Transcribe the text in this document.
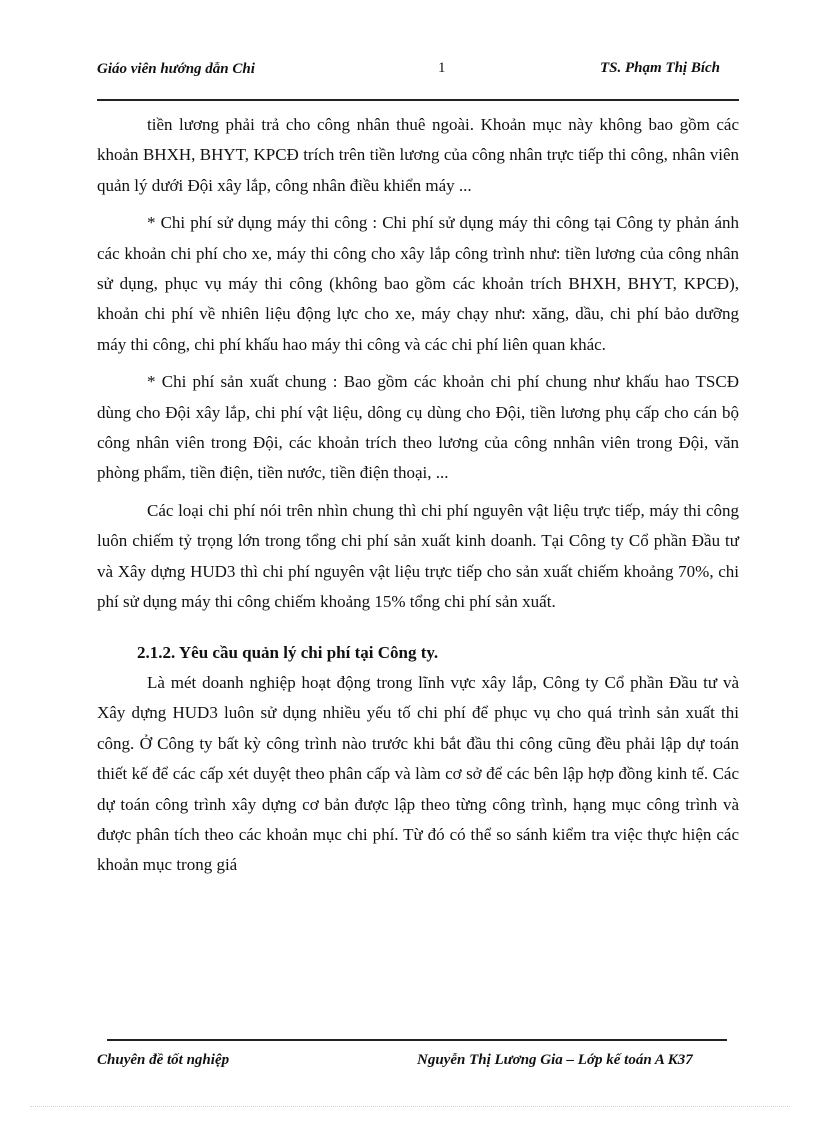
Giáo viên hướng dẫn Chi	1	TS. Phạm Thị Bích

tiền lương phải trả cho công nhân thuê ngoài. Khoản mục này không bao gồm các khoản BHXH, BHYT, KPCĐ trích trên tiền lương của công nhân trực tiếp thi công, nhân viên quản lý dưới Đội xây lắp, công nhân điều khiển máy ...

* Chi phí sử dụng máy thi công : Chi phí sử dụng máy thi công tại Công ty phản ánh các khoản chi phí cho xe, máy thi công cho xây lắp công trình như: tiền lương của công nhân sử dụng, phục vụ máy thi công (không bao gồm các khoản trích BHXH, BHYT, KPCĐ), khoản chi phí về nhiên liệu động lực cho xe, máy chạy như: xăng, dầu, chi phí bảo dưỡng máy thi công, chi phí khấu hao máy thi công và các chi phí liên quan khác.

* Chi phí sản xuất chung : Bao gồm các khoản chi phí chung như khấu hao TSCĐ dùng cho Đội xây lắp, chi phí vật liệu, dông cụ dùng cho Đội, tiền lương phụ cấp cho cán bộ công nhân viên trong Đội, các khoản trích theo lương của công nnhân viên trong Đội, văn phòng phẩm, tiền điện, tiền nước, tiền điện thoại, ...

Các loại chi phí nói trên nhìn chung thì chi phí nguyên vật liệu trực tiếp, máy thi công luôn chiếm tỷ trọng lớn trong tổng chi phí sản xuất kinh doanh. Tại Công ty Cổ phần Đầu tư và Xây dựng HUD3 thì chi phí nguyên vật liệu trực tiếp cho sản xuất chiếm khoảng 70%, chi phí sử dụng máy thi công chiếm khoảng 15% tổng chi phí sản xuất.

2.1.2. Yêu cầu quản lý chi phí tại Công ty.

Là mét doanh nghiệp hoạt động trong lĩnh vực xây lắp, Công ty Cổ phần Đầu tư và Xây dựng HUD3 luôn sử dụng nhiều yếu tố chi phí để phục vụ cho quá trình sản xuất thi công. Ở Công ty bất kỳ công trình nào trước khi bắt đầu thi công cũng đều phải lập dự toán thiết kế để các cấp xét duyệt theo phân cấp và làm cơ sở để các bên lập hợp đồng kinh tế. Các dự toán công trình xây dựng cơ bản được lập theo từng công trình, hạng mục công trình và được phân tích theo các khoản mục chi phí. Từ đó có thể so sánh kiểm tra việc thực hiện các khoản mục trong giá

Chuyên đề tốt nghiệp	Nguyễn Thị Lương Gia – Lớp kế toán A K37
